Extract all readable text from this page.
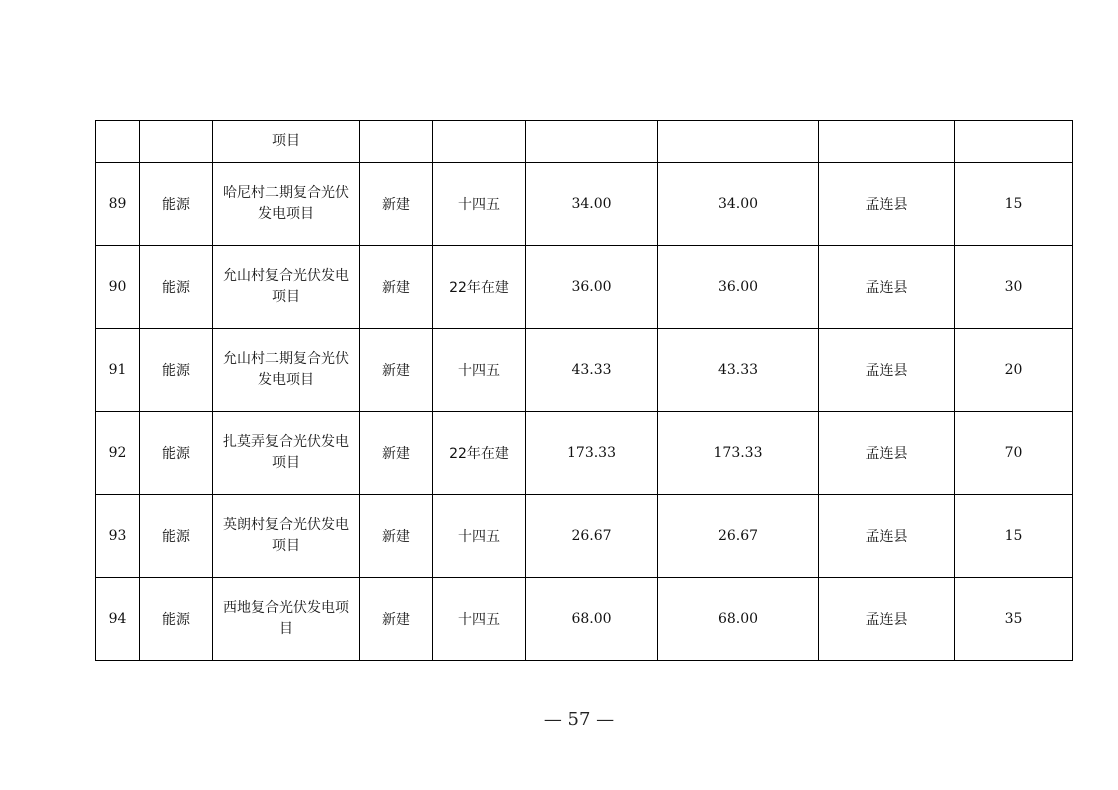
		项目						
89	能源	哈尼村二期复合光伏发电项目	新建	十四五	34.00	34.00	孟连县	15
90	能源	允山村复合光伏发电项目	新建	22年在建	36.00	36.00	孟连县	30
91	能源	允山村二期复合光伏发电项目	新建	十四五	43.33	43.33	孟连县	20
92	能源	扎莫弄复合光伏发电项目	新建	22年在建	173.33	173.33	孟连县	70
93	能源	英朗村复合光伏发电项目	新建	十四五	26.67	26.67	孟连县	15
94	能源	西地复合光伏发电项目	新建	十四五	68.00	68.00	孟连县	35
— 57 —
